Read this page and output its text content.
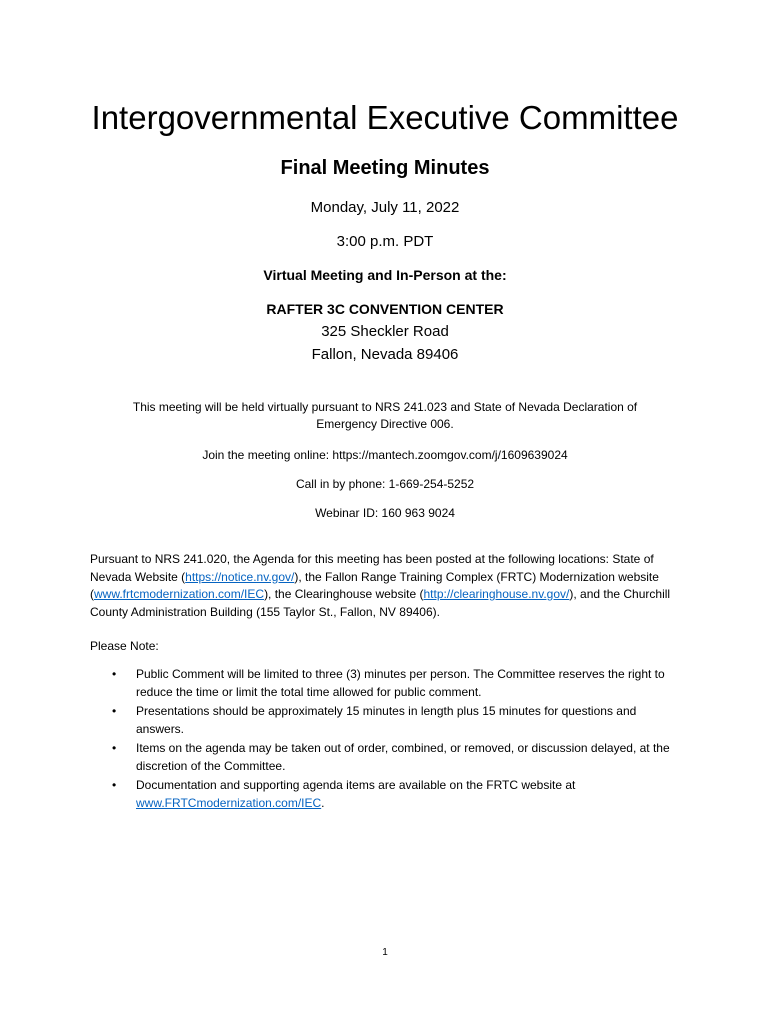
Intergovernmental Executive Committee
Final Meeting Minutes
Monday, July 11, 2022
3:00 p.m. PDT
Virtual Meeting and In-Person at the:
RAFTER 3C CONVENTION CENTER
325 Sheckler Road
Fallon, Nevada 89406
This meeting will be held virtually pursuant to NRS 241.023 and State of Nevada Declaration of Emergency Directive 006.
Join the meeting online: https://mantech.zoomgov.com/j/1609639024
Call in by phone: 1-669-254-5252
Webinar ID: 160 963 9024
Pursuant to NRS 241.020, the Agenda for this meeting has been posted at the following locations: State of Nevada Website (https://notice.nv.gov/), the Fallon Range Training Complex (FRTC) Modernization website (www.frtcmodernization.com/IEC), the Clearinghouse website (http://clearinghouse.nv.gov/), and the Churchill County Administration Building (155 Taylor St., Fallon, NV 89406).
Please Note:
• Public Comment will be limited to three (3) minutes per person. The Committee reserves the right to reduce the time or limit the total time allowed for public comment.
• Presentations should be approximately 15 minutes in length plus 15 minutes for questions and answers.
• Items on the agenda may be taken out of order, combined, or removed, or discussion delayed, at the discretion of the Committee.
• Documentation and supporting agenda items are available on the FRTC website at www.FRTCmodernization.com/IEC.
1
